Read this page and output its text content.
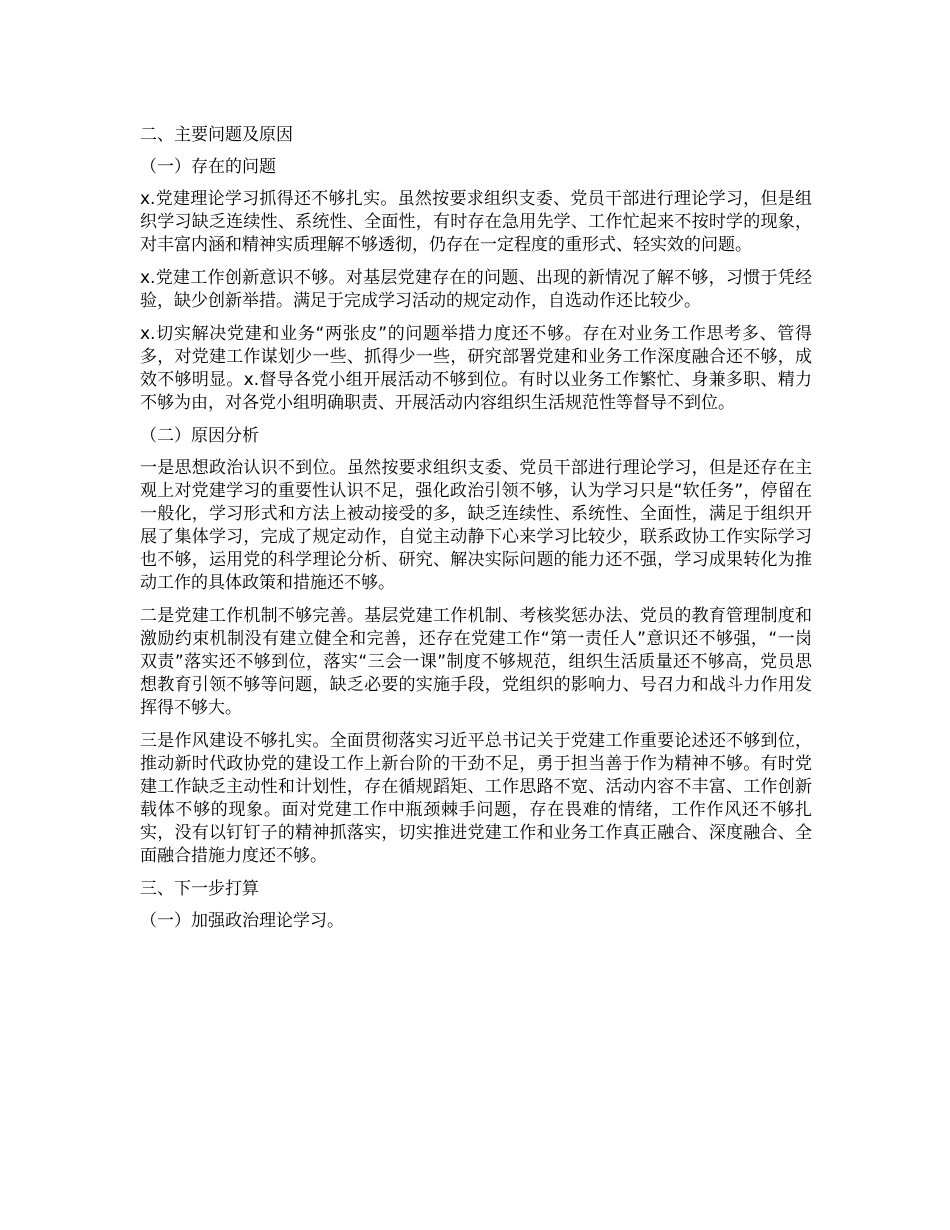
二、主要问题及原因

（一）存在的问题

x.党建理论学习抓得还不够扎实。虽然按要求组织支委、党员干部进行理论学习，但是组织学习缺乏连续性、系统性、全面性，有时存在急用先学、工作忙起来不按时学的现象，对丰富内涵和精神实质理解不够透彻，仍存在一定程度的重形式、轻实效的问题。

x.党建工作创新意识不够。对基层党建存在的问题、出现的新情况了解不够，习惯于凭经验，缺少创新举措。满足于完成学习活动的规定动作，自选动作还比较少。

x.切实解决党建和业务“两张皮”的问题举措力度还不够。存在对业务工作思考多、管得多，对党建工作谋划少一些、抓得少一些，研究部署党建和业务工作深度融合还不够，成效不够明显。x.督导各党小组开展活动不够到位。有时以业务工作繁忙、身兼多职、精力不够为由，对各党小组明确职责、开展活动内容组织生活规范性等督导不到位。

（二）原因分析

一是思想政治认识不到位。虽然按要求组织支委、党员干部进行理论学习，但是还存在主观上对党建学习的重要性认识不足，强化政治引领不够，认为学习只是“软任务”，停留在一般化，学习形式和方法上被动接受的多，缺乏连续性、系统性、全面性，满足于组织开展了集体学习，完成了规定动作，自觉主动静下心来学习比较少，联系政协工作实际学习也不够，运用党的科学理论分析、研究、解决实际问题的能力还不强，学习成果转化为推动工作的具体政策和措施还不够。

二是党建工作机制不够完善。基层党建工作机制、考核奖惩办法、党员的教育管理制度和激励约束机制没有建立健全和完善，还存在党建工作“第一责任人”意识还不够强，“一岗双责”落实还不够到位，落实“三会一课”制度不够规范，组织生活质量还不够高，党员思想教育引领不够等问题，缺乏必要的实施手段，党组织的影响力、号召力和战斗力作用发挥得不够大。

三是作风建设不够扎实。全面贯彻落实习近平总书记关于党建工作重要论述还不够到位，推动新时代政协党的建设工作上新台阶的干劲不足，勇于担当善于作为精神不够。有时党建工作缺乏主动性和计划性，存在循规蹈矩、工作思路不宽、活动内容不丰富、工作创新载体不够的现象。面对党建工作中瓶颈棘手问题，存在畏难的情绪，工作作风还不够扎实，没有以钉钉子的精神抓落实，切实推进党建工作和业务工作真正融合、深度融合、全面融合措施力度还不够。

三、下一步打算

（一）加强政治理论学习。
